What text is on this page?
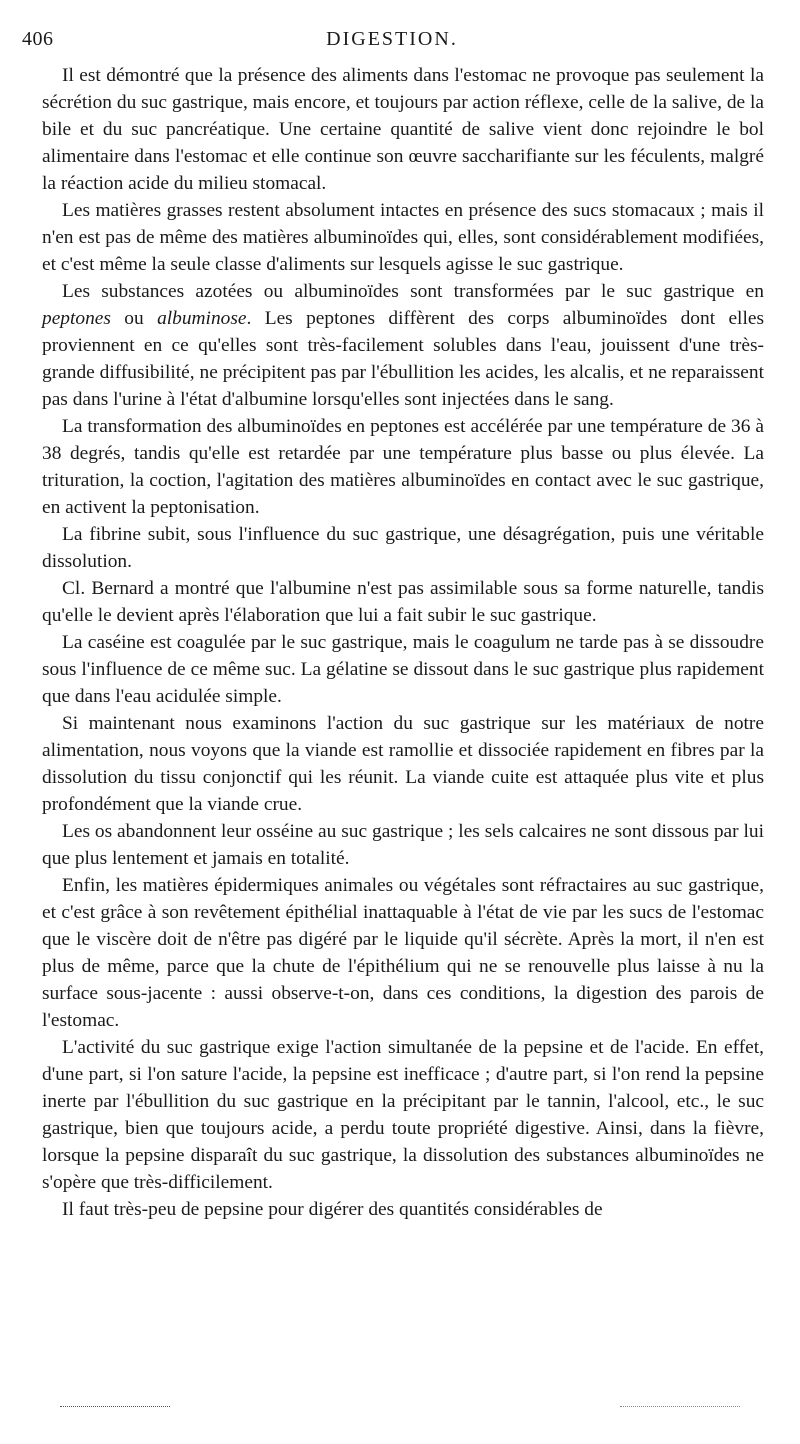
406	DIGESTION.

Il est démontré que la présence des aliments dans l'estomac ne provoque pas seulement la sécrétion du suc gastrique, mais encore, et toujours par action réflexe, celle de la salive, de la bile et du suc pancréatique. Une certaine quantité de salive vient donc rejoindre le bol alimentaire dans l'estomac et elle continue son œuvre saccharifiante sur les féculents, malgré la réaction acide du milieu stomacal.

Les matières grasses restent absolument intactes en présence des sucs stomacaux ; mais il n'en est pas de même des matières albuminoïdes qui, elles, sont considérablement modifiées, et c'est même la seule classe d'aliments sur lesquels agisse le suc gastrique.

Les substances azotées ou albuminoïdes sont transformées par le suc gastrique en peptones ou albuminose. Les peptones diffèrent des corps albuminoïdes dont elles proviennent en ce qu'elles sont très-facilement solubles dans l'eau, jouissent d'une très-grande diffusibilité, ne précipitent pas par l'ébullition les acides, les alcalis, et ne reparaissent pas dans l'urine à l'état d'albumine lorsqu'elles sont injectées dans le sang.

La transformation des albuminoïdes en peptones est accélérée par une température de 36 à 38 degrés, tandis qu'elle est retardée par une température plus basse ou plus élevée. La trituration, la coction, l'agitation des matières albuminoïdes en contact avec le suc gastrique, en activent la peptonisation.

La fibrine subit, sous l'influence du suc gastrique, une désagrégation, puis une véritable dissolution.

Cl. Bernard a montré que l'albumine n'est pas assimilable sous sa forme naturelle, tandis qu'elle le devient après l'élaboration que lui a fait subir le suc gastrique.

La caséine est coagulée par le suc gastrique, mais le coagulum ne tarde pas à se dissoudre sous l'influence de ce même suc. La gélatine se dissout dans le suc gastrique plus rapidement que dans l'eau acidulée simple.

Si maintenant nous examinons l'action du suc gastrique sur les matériaux de notre alimentation, nous voyons que la viande est ramollie et dissociée rapidement en fibres par la dissolution du tissu conjonctif qui les réunit. La viande cuite est attaquée plus vite et plus profondément que la viande crue.

Les os abandonnent leur osséine au suc gastrique ; les sels calcaires ne sont dissous par lui que plus lentement et jamais en totalité.

Enfin, les matières épidermiques animales ou végétales sont réfractaires au suc gastrique, et c'est grâce à son revêtement épithélial inattaquable à l'état de vie par les sucs de l'estomac que le viscère doit de n'être pas digéré par le liquide qu'il sécrète. Après la mort, il n'en est plus de même, parce que la chute de l'épithélium qui ne se renouvelle plus laisse à nu la surface sous-jacente : aussi observe-t-on, dans ces conditions, la digestion des parois de l'estomac.

L'activité du suc gastrique exige l'action simultanée de la pepsine et de l'acide. En effet, d'une part, si l'on sature l'acide, la pepsine est inefficace ; d'autre part, si l'on rend la pepsine inerte par l'ébullition du suc gastrique en la précipitant par le tannin, l'alcool, etc., le suc gastrique, bien que toujours acide, a perdu toute propriété digestive. Ainsi, dans la fièvre, lorsque la pepsine disparaît du suc gastrique, la dissolution des substances albuminoïdes ne s'opère que très-difficilement.

Il faut très-peu de pepsine pour digérer des quantités considérables de
